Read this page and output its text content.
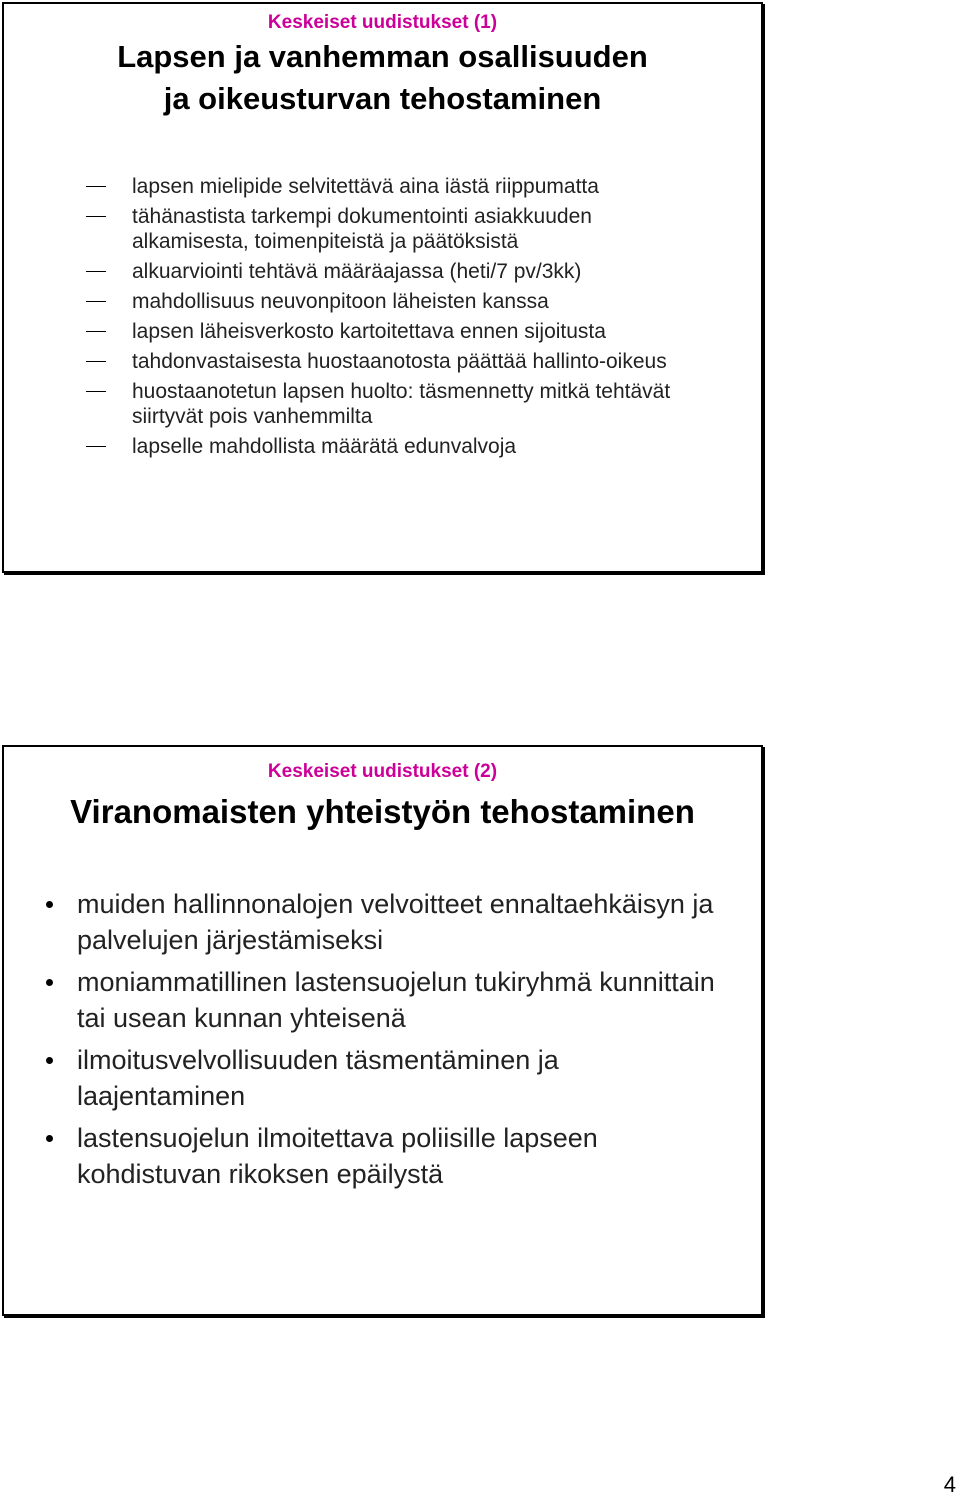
Keskeiset uudistukset (1)
Lapsen ja vanhemman osallisuuden
ja oikeusturvan tehostaminen
lapsen mielipide selvitettävä aina iästä riippumatta
tähänastista tarkempi dokumentointi asiakkuuden alkamisesta, toimenpiteistä ja päätöksistä
alkuarviointi tehtävä määräajassa (heti/7 pv/3kk)
mahdollisuus neuvonpitoon läheisten kanssa
lapsen läheisverkosto kartoitettava ennen sijoitusta
tahdonvastaisesta huostaanotosta päättää hallinto-oikeus
huostaanotetun lapsen huolto: täsmennetty mitkä tehtävät siirtyvät pois vanhemmilta
lapselle mahdollista määrätä edunvalvoja
Keskeiset uudistukset (2)
Viranomaisten yhteistyön tehostaminen
muiden hallinnonalojen velvoitteet ennaltaehkäisyn ja palvelujen järjestämiseksi
moniammatillinen lastensuojelun tukiryhmä kunnittain tai usean kunnan yhteisenä
ilmoitusvelvollisuuden täsmentäminen ja laajentaminen
lastensuojelun ilmoitettava poliisille lapseen kohdistuvan rikoksen epäilystä
4
